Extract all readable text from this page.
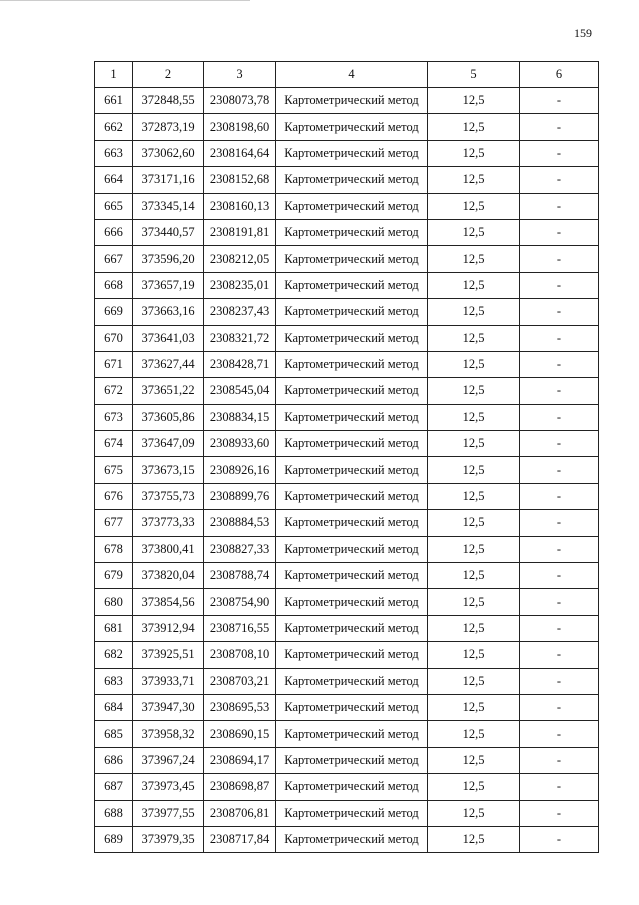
159
1	2	3	4	5	6
661	372848,55	2308073,78	Картометрический метод	12,5	-
662	372873,19	2308198,60	Картометрический метод	12,5	-
663	373062,60	2308164,64	Картометрический метод	12,5	-
664	373171,16	2308152,68	Картометрический метод	12,5	-
665	373345,14	2308160,13	Картометрический метод	12,5	-
666	373440,57	2308191,81	Картометрический метод	12,5	-
667	373596,20	2308212,05	Картометрический метод	12,5	-
668	373657,19	2308235,01	Картометрический метод	12,5	-
669	373663,16	2308237,43	Картометрический метод	12,5	-
670	373641,03	2308321,72	Картометрический метод	12,5	-
671	373627,44	2308428,71	Картометрический метод	12,5	-
672	373651,22	2308545,04	Картометрический метод	12,5	-
673	373605,86	2308834,15	Картометрический метод	12,5	-
674	373647,09	2308933,60	Картометрический метод	12,5	-
675	373673,15	2308926,16	Картометрический метод	12,5	-
676	373755,73	2308899,76	Картометрический метод	12,5	-
677	373773,33	2308884,53	Картометрический метод	12,5	-
678	373800,41	2308827,33	Картометрический метод	12,5	-
679	373820,04	2308788,74	Картометрический метод	12,5	-
680	373854,56	2308754,90	Картометрический метод	12,5	-
681	373912,94	2308716,55	Картометрический метод	12,5	-
682	373925,51	2308708,10	Картометрический метод	12,5	-
683	373933,71	2308703,21	Картометрический метод	12,5	-
684	373947,30	2308695,53	Картометрический метод	12,5	-
685	373958,32	2308690,15	Картометрический метод	12,5	-
686	373967,24	2308694,17	Картометрический метод	12,5	-
687	373973,45	2308698,87	Картометрический метод	12,5	-
688	373977,55	2308706,81	Картометрический метод	12,5	-
689	373979,35	2308717,84	Картометрический метод	12,5	-
